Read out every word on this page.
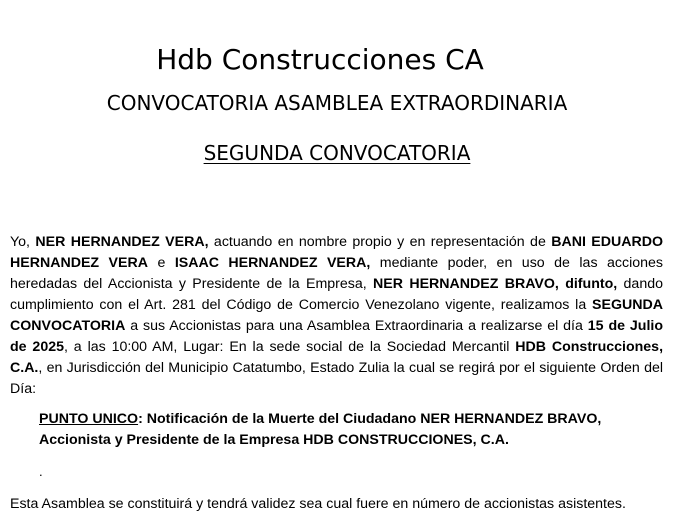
Hdb Construcciones CA
CONVOCATORIA ASAMBLEA EXTRAORDINARIA
SEGUNDA CONVOCATORIA
Yo, NER HERNANDEZ VERA, actuando en nombre propio y en representación de BANI EDUARDO HERNANDEZ VERA e ISAAC HERNANDEZ VERA, mediante poder, en uso de las acciones heredadas del Accionista y Presidente de la Empresa, NER HERNANDEZ BRAVO, difunto, dando cumplimiento con el Art. 281 del Código de Comercio Venezolano vigente, realizamos la SEGUNDA CONVOCATORIA a sus Accionistas para una Asamblea Extraordinaria a realizarse el día 15 de Julio de 2025, a las 10:00 AM, Lugar: En la sede social de la Sociedad Mercantil HDB Construcciones, C.A., en Jurisdicción del Municipio Catatumbo, Estado Zulia la cual se regirá por el siguiente Orden del Día:
PUNTO UNICO: Notificación de la Muerte del Ciudadano NER HERNANDEZ BRAVO, Accionista y Presidente de la Empresa HDB CONSTRUCCIONES, C.A.
.
Esta Asamblea se constituirá y tendrá validez sea cual fuere en número de accionistas asistentes.
